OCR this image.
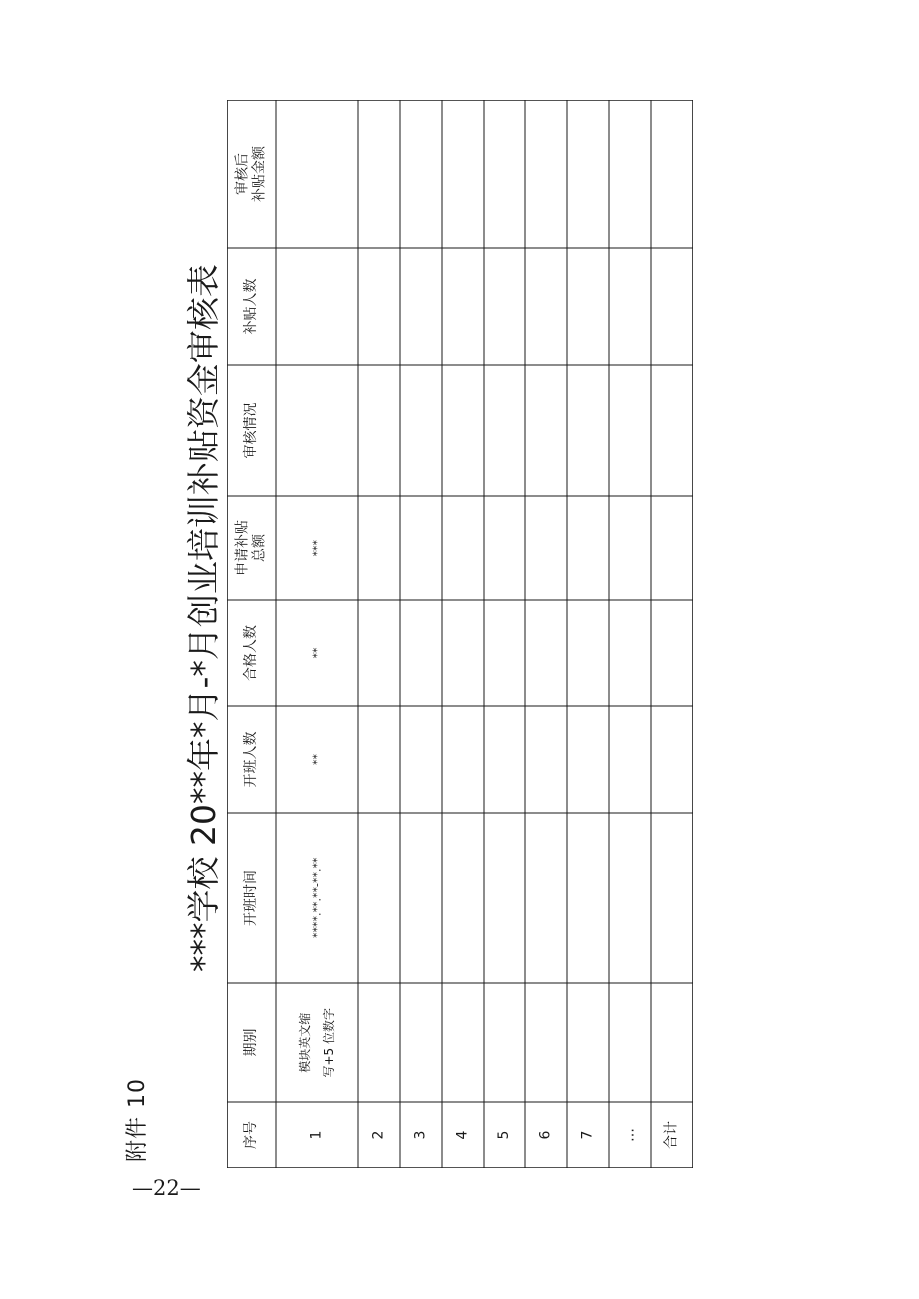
附件 10
—22—
***学校 20**年*月-*月创业培训补贴资金审核表
审核后
补贴金额
补贴人数
审核情况
申请补贴
总额
合格人数
开班人数
开班时间
期别
序号
***
**
**
****.**.**-**.**
模块英文缩 写+5 位数字
1	2 3 4 5 6 7 … 合计
